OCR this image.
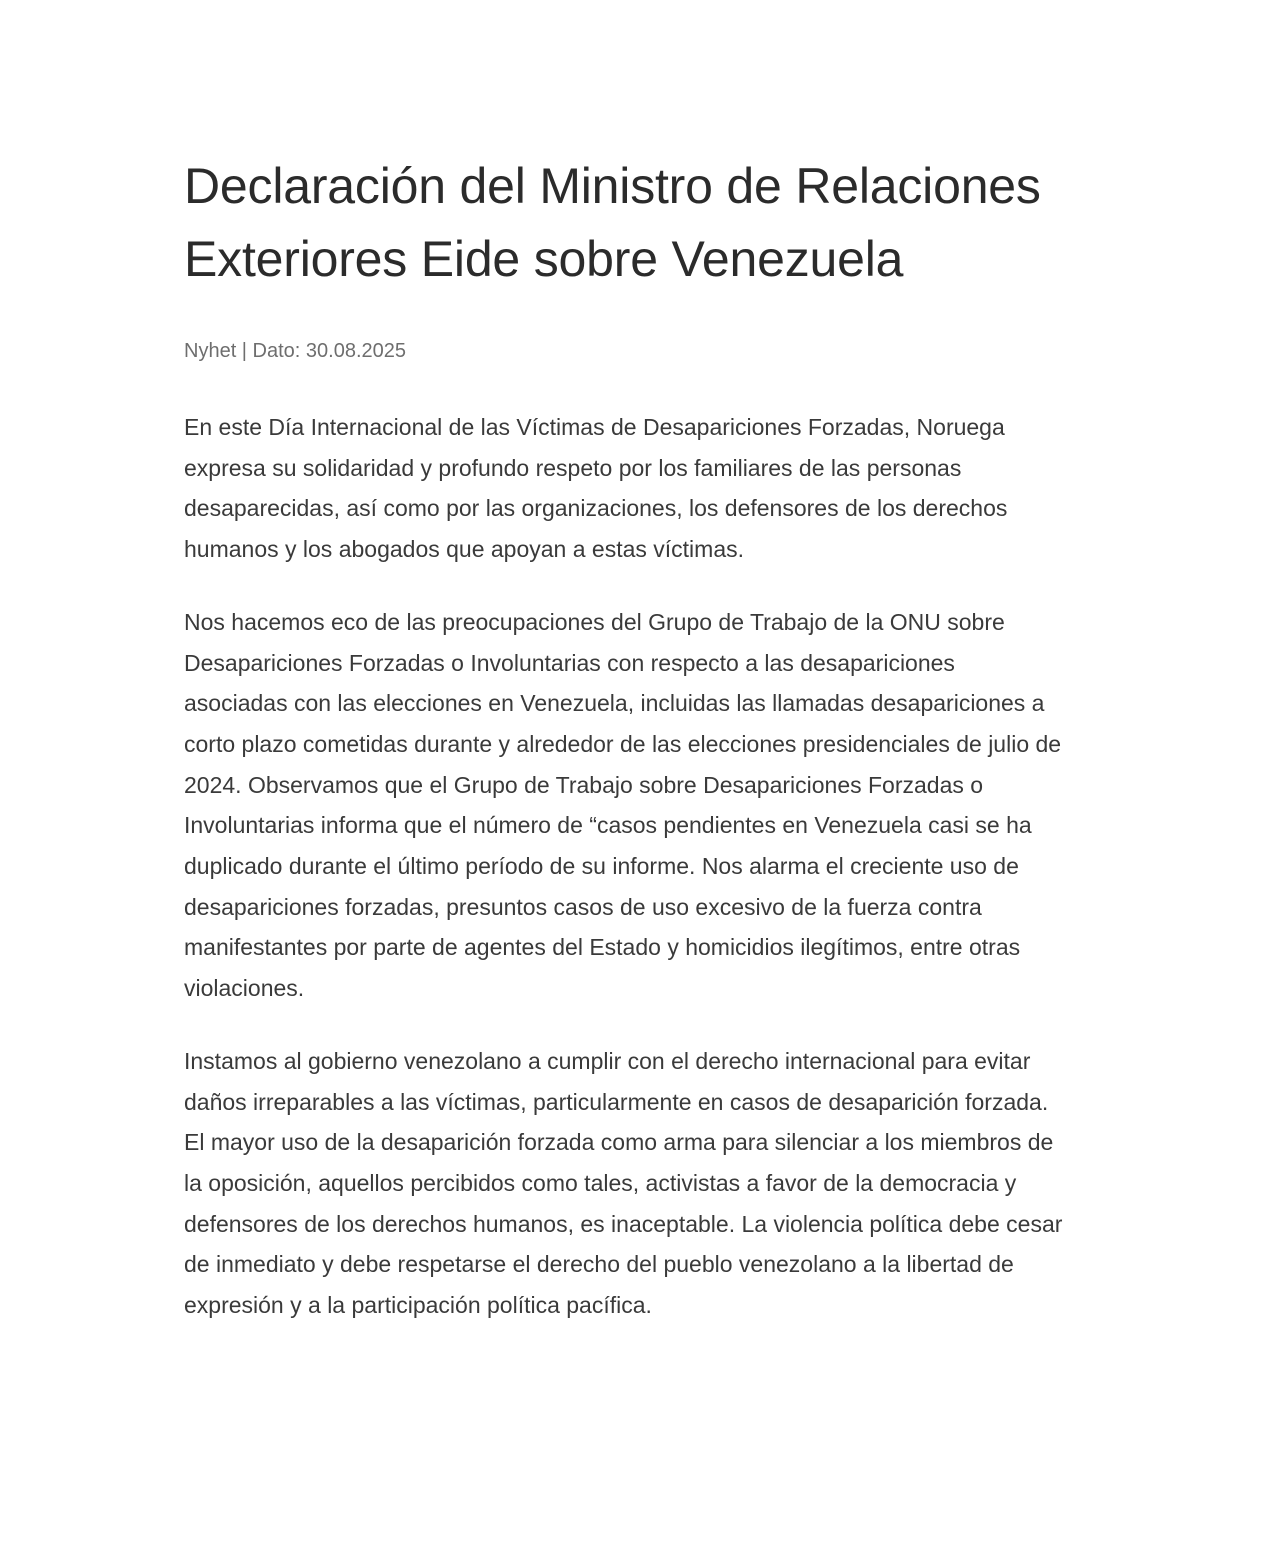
Declaración del Ministro de Relaciones Exteriores Eide sobre Venezuela
Nyhet | Dato: 30.08.2025

En este Día Internacional de las Víctimas de Desapariciones Forzadas, Noruega expresa su solidaridad y profundo respeto por los familiares de las personas desaparecidas, así como por las organizaciones, los defensores de los derechos humanos y los abogados que apoyan a estas víctimas.

Nos hacemos eco de las preocupaciones del Grupo de Trabajo de la ONU sobre Desapariciones Forzadas o Involuntarias con respecto a las desapariciones asociadas con las elecciones en Venezuela, incluidas las llamadas desapariciones a corto plazo cometidas durante y alrededor de las elecciones presidenciales de julio de 2024. Observamos que el Grupo de Trabajo sobre Desapariciones Forzadas o Involuntarias informa que el número de “casos pendientes en Venezuela casi se ha duplicado durante el último período de su informe. Nos alarma el creciente uso de desapariciones forzadas, presuntos casos de uso excesivo de la fuerza contra manifestantes por parte de agentes del Estado y homicidios ilegítimos, entre otras violaciones.

Instamos al gobierno venezolano a cumplir con el derecho internacional para evitar daños irreparables a las víctimas, particularmente en casos de desaparición forzada. El mayor uso de la desaparición forzada como arma para silenciar a los miembros de la oposición, aquellos percibidos como tales, activistas a favor de la democracia y defensores de los derechos humanos, es inaceptable. La violencia política debe cesar de inmediato y debe respetarse el derecho del pueblo venezolano a la libertad de expresión y a la participación política pacífica.
